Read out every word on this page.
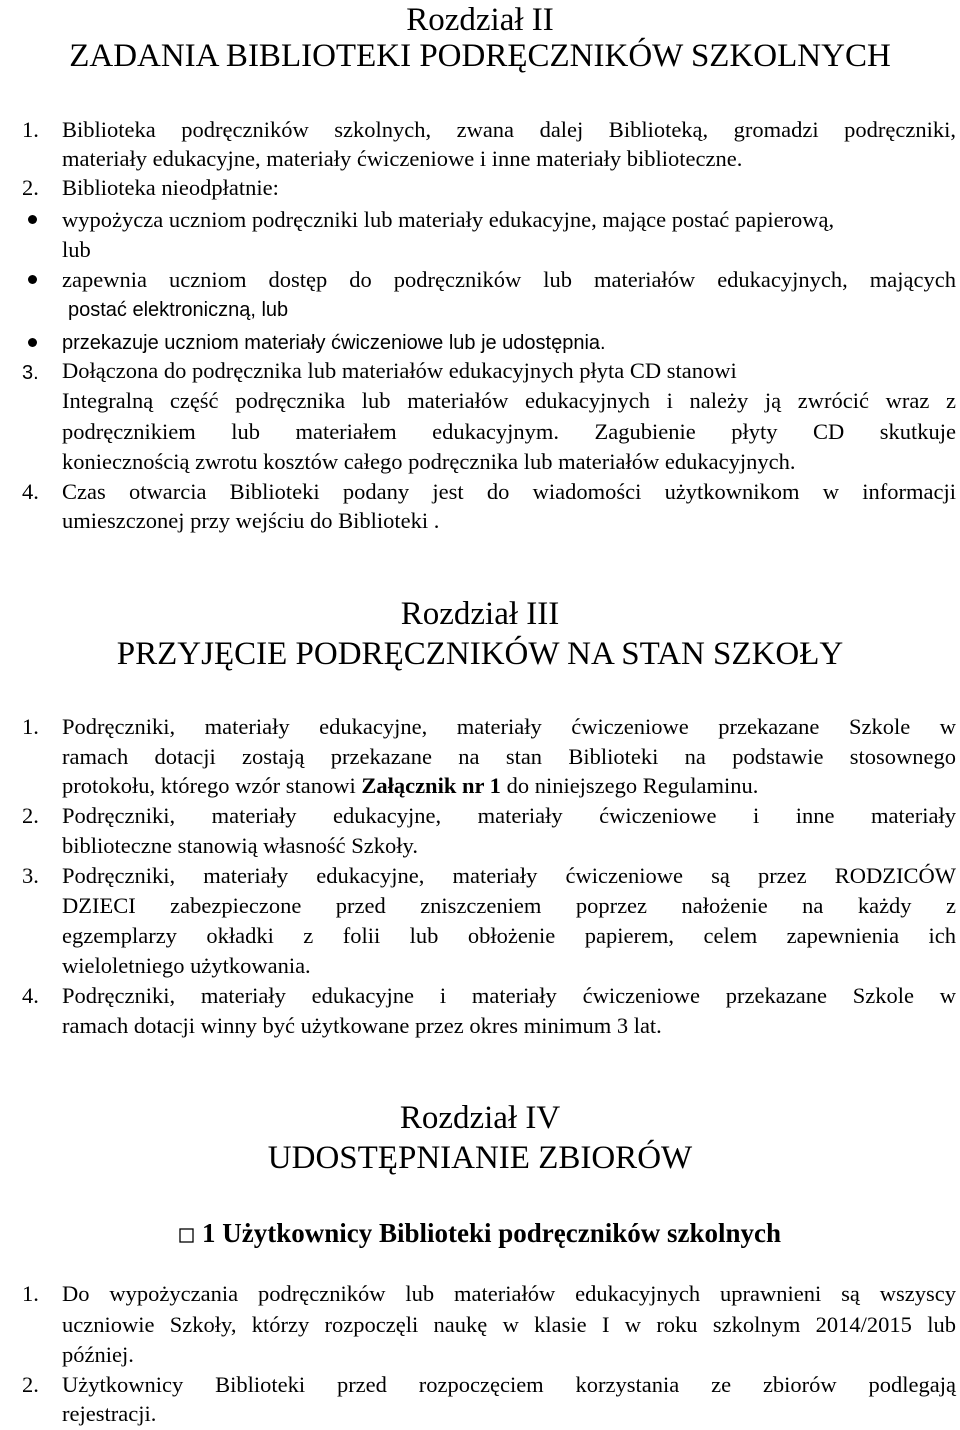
Rozdział II
ZADANIA BIBLIOTEKI PODRĘCZNIKÓW SZKOLNYCH
1. Biblioteka podręczników szkolnych, zwana dalej Biblioteką, gromadzi podręczniki,
materiały edukacyjne, materiały ćwiczeniowe i inne materiały biblioteczne.
2. Biblioteka nieodpłatnie:
wypożycza uczniom podręczniki lub materiały edukacyjne, mające postać papierową,
lub
zapewnia uczniom dostęp do podręczników lub materiałów edukacyjnych, mających
postać elektroniczną, lub
przekazuje uczniom materiały ćwiczeniowe lub je udostępnia.
3. Dołączona do podręcznika lub materiałów edukacyjnych płyta CD stanowi
Integralną część podręcznika lub materiałów edukacyjnych i należy ją zwrócić wraz z
podręcznikiem lub materiałem edukacyjnym. Zagubienie płyty CD skutkuje
koniecznością zwrotu kosztów całego podręcznika lub materiałów edukacyjnych.
4. Czas otwarcia Biblioteki podany jest do wiadomości użytkownikom w informacji
umieszczonej przy wejściu do Biblioteki .
Rozdział III
PRZYJĘCIE PODRĘCZNIKÓW NA STAN SZKOŁY
1. Podręczniki, materiały edukacyjne, materiały ćwiczeniowe przekazane Szkole w
ramach dotacji zostają przekazane na stan Biblioteki na podstawie stosownego
protokołu, którego wzór stanowi Załącznik nr 1 do niniejszego Regulaminu.
2. Podręczniki, materiały edukacyjne, materiały ćwiczeniowe i inne materiały
biblioteczne stanowią własność Szkoły.
3. Podręczniki, materiały edukacyjne, materiały ćwiczeniowe są przez RODZICÓW
DZIECI zabezpieczone przed zniszczeniem poprzez nałożenie na każdy z
egzemplarzy okładki z folii lub obłożenie papierem, celem zapewnienia ich
wieloletniego użytkowania.
4. Podręczniki, materiały edukacyjne i materiały ćwiczeniowe przekazane Szkole w
ramach dotacji winny być użytkowane przez okres minimum 3 lat.
Rozdział IV
UDOSTĘPNIANIE ZBIORÓW
1 Użytkownicy Biblioteki podręczników szkolnych
1. Do wypożyczania podręczników lub materiałów edukacyjnych uprawnieni są wszyscy
uczniowie Szkoły, którzy rozpoczęli naukę w klasie I w roku szkolnym 2014/2015 lub
później.
2. Użytkownicy Biblioteki przed rozpoczęciem korzystania ze zbiorów podlegają
rejestracji.
